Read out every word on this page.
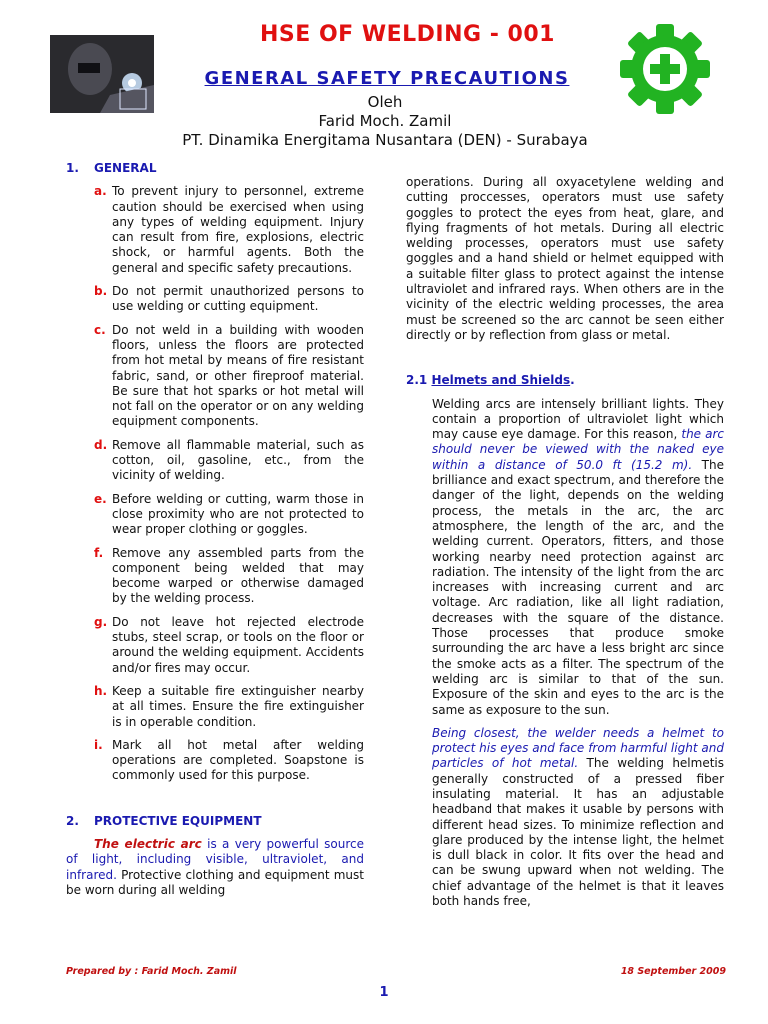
HSE OF WELDING - 001
GENERAL SAFETY PRECAUTIONS
Oleh
Farid Moch. Zamil
PT. Dinamika Energitama Nusantara (DEN) - Surabaya
1. GENERAL
a. To prevent injury to personnel, extreme caution should be exercised when using any types of welding equipment. Injury can result from fire, explosions, electric shock, or harmful agents. Both the general and specific safety precautions.
b. Do not permit unauthorized persons to use welding or cutting equipment.
c. Do not weld in a building with wooden floors, unless the floors are protected from hot metal by means of fire resistant fabric, sand, or other fireproof material. Be sure that hot sparks or hot metal will not fall on the operator or on any welding equipment components.
d. Remove all flammable material, such as cotton, oil, gasoline, etc., from the vicinity of welding.
e. Before welding or cutting, warm those in close proximity who are not protected to wear proper clothing or goggles.
f. Remove any assembled parts from the component being welded that may become warped or otherwise damaged by the welding process.
g. Do not leave hot rejected electrode stubs, steel scrap, or tools on the floor or around the welding equipment. Accidents and/or fires may occur.
h. Keep a suitable fire extinguisher nearby at all times. Ensure the fire extinguisher is in operable condition.
i. Mark all hot metal after welding operations are completed. Soapstone is commonly used for this purpose.
2. PROTECTIVE EQUIPMENT

The electric arc is a very powerful source of light, including visible, ultraviolet, and infrared. Protective clothing and equipment must be worn during all welding

operations. During all oxyacetylene welding and cutting proccesses, operators must use safety goggles to protect the eyes from heat, glare, and flying fragments of hot metals. During all electric welding processes, operators must use safety goggles and a hand shield or helmet equipped with a suitable filter glass to protect against the intense ultraviolet and infrared rays. When others are in the vicinity of the electric welding processes, the area must be screened so the arc cannot be seen either directly or by reflection from glass or metal.

2.1 Helmets and Shields.

Welding arcs are intensely brilliant lights. They contain a proportion of ultraviolet light which may cause eye damage. For this reason, the arc should never be viewed with the naked eye within a distance of 50.0 ft (15.2 m). The brilliance and exact spectrum, and therefore the danger of the light, depends on the welding process, the metals in the arc, the arc atmosphere, the length of the arc, and the welding current. Operators, fitters, and those working nearby need protection against arc radiation. The intensity of the light from the arc increases with increasing current and arc voltage. Arc radiation, like all light radiation, decreases with the square of the distance. Those processes that produce smoke surrounding the arc have a less bright arc since the smoke acts as a filter. The spectrum of the welding arc is similar to that of the sun. Exposure of the skin and eyes to the arc is the same as exposure to the sun.

Being closest, the welder needs a helmet to protect his eyes and face from harmful light and particles of hot metal. The welding helmetis generally constructed of a pressed fiber insulating material. It has an adjustable headband that makes it usable by persons with different head sizes. To minimize reflection and glare produced by the intense light, the helmet is dull black in color. It fits over the head and can be swung upward when not welding. The chief advantage of the helmet is that it leaves both hands free,

Prepared by : Farid Moch. Zamil	18 September 2009
1
